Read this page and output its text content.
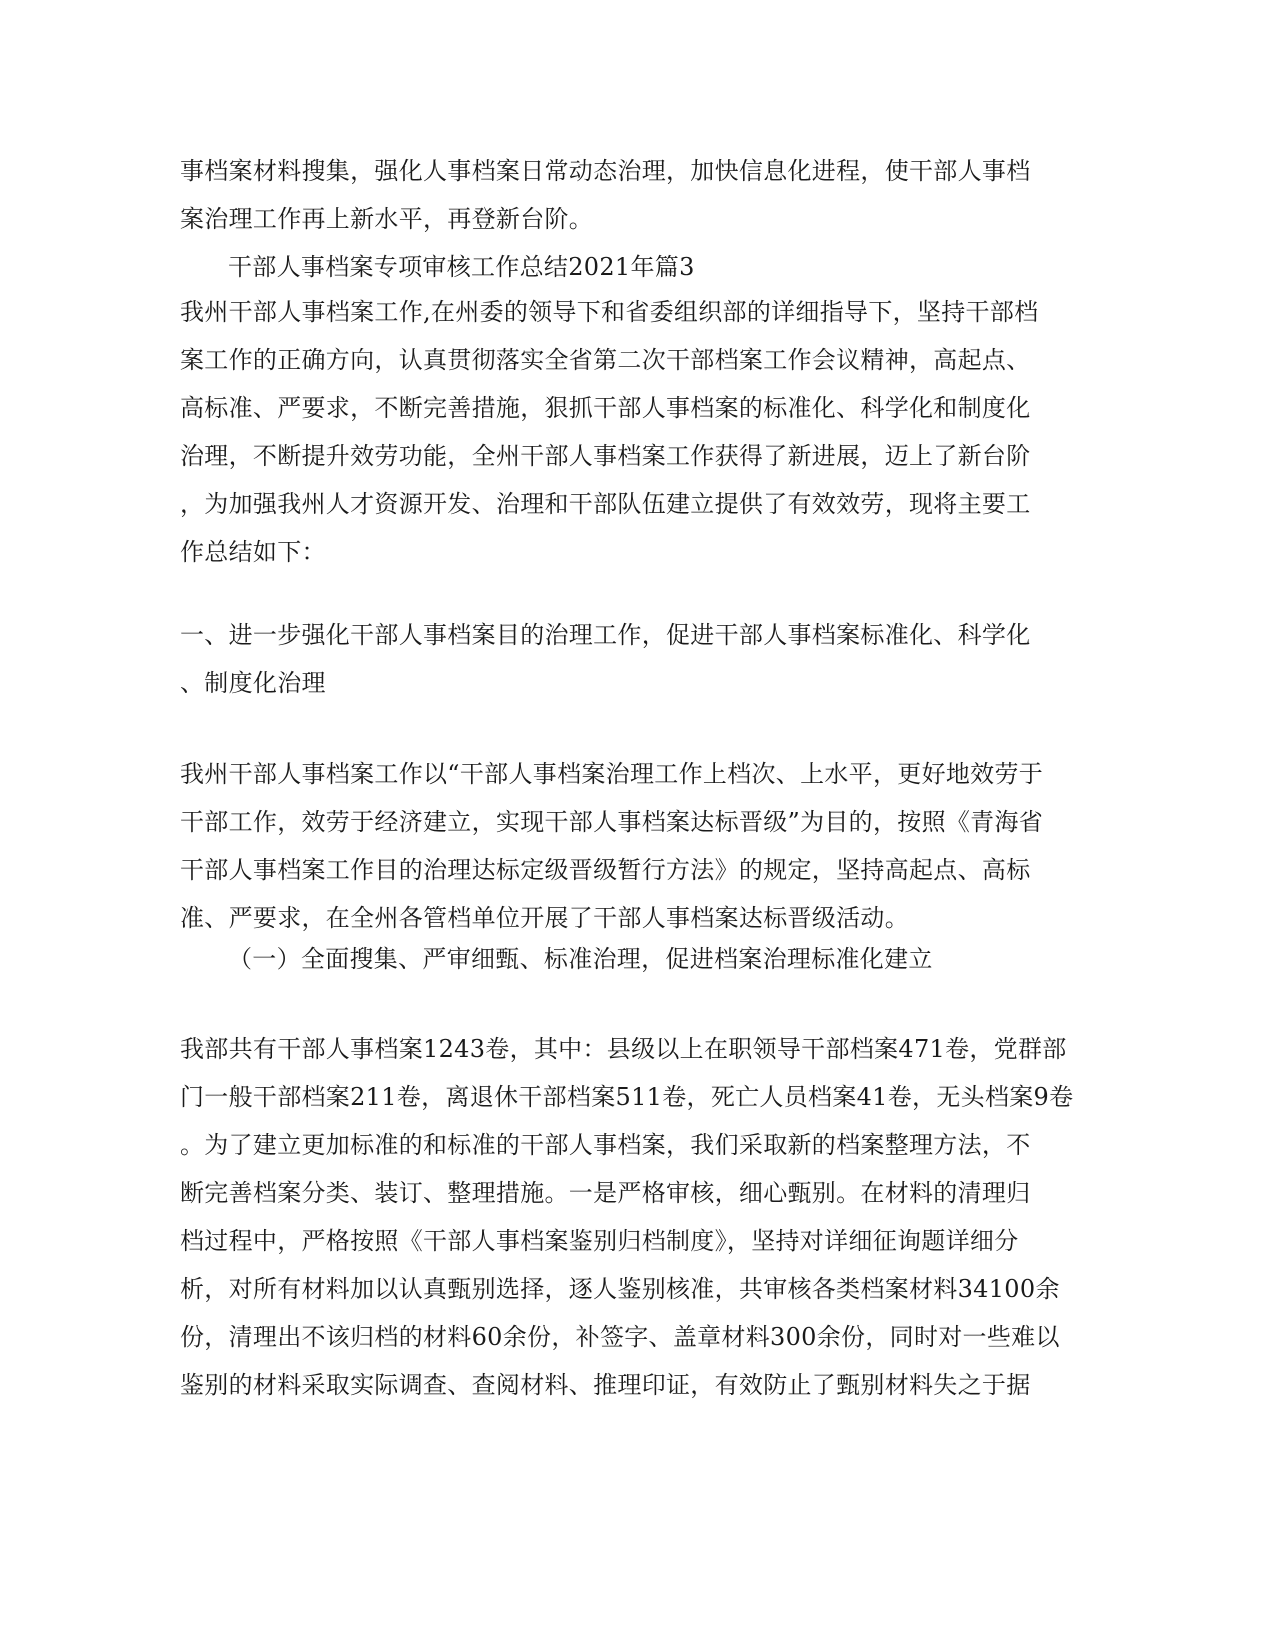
事档案材料搜集，强化人事档案日常动态治理，加快信息化进程，使干部人事档
案治理工作再上新水平，再登新台阶。
干部人事档案专项审核工作总结2021年篇3
我州干部人事档案工作,在州委的领导下和省委组织部的详细指导下，坚持干部档
案工作的正确方向，认真贯彻落实全省第二次干部档案工作会议精神，高起点、
高标准、严要求，不断完善措施，狠抓干部人事档案的标准化、科学化和制度化
治理，不断提升效劳功能，全州干部人事档案工作获得了新进展，迈上了新台阶
，为加强我州人才资源开发、治理和干部队伍建立提供了有效效劳，现将主要工
作总结如下：
一、进一步强化干部人事档案目的治理工作，促进干部人事档案标准化、科学化
、制度化治理
我州干部人事档案工作以“干部人事档案治理工作上档次、上水平，更好地效劳于
干部工作，效劳于经济建立，实现干部人事档案达标晋级”为目的，按照《青海省
干部人事档案工作目的治理达标定级晋级暂行方法》的规定，坚持高起点、高标
准、严要求，在全州各管档单位开展了干部人事档案达标晋级活动。
（一）全面搜集、严审细甄、标准治理，促进档案治理标准化建立
我部共有干部人事档案1243卷，其中：县级以上在职领导干部档案471卷，党群部
门一般干部档案211卷，离退休干部档案511卷，死亡人员档案41卷，无头档案9卷
。为了建立更加标准的和标准的干部人事档案，我们采取新的档案整理方法，不
断完善档案分类、装订、整理措施。一是严格审核，细心甄别。在材料的清理归
档过程中，严格按照《干部人事档案鉴别归档制度》，坚持对详细征询题详细分
析，对所有材料加以认真甄别选择，逐人鉴别核准，共审核各类档案材料34100余
份，清理出不该归档的材料60余份，补签字、盖章材料300余份，同时对一些难以
鉴别的材料采取实际调查、查阅材料、推理印证，有效防止了甄别材料失之于据
